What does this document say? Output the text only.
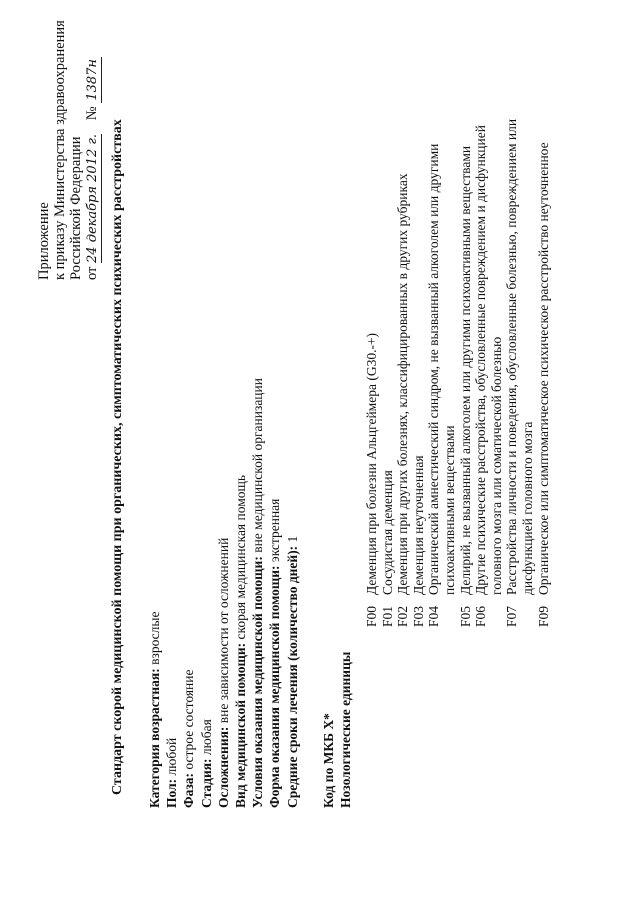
Приложение к приказу Министерства здравоохранения Российской Федерации от 24 декабря 2012 г. № 1387н
Стандарт скорой медицинской помощи при органических, симптоматических психических расстройствах Категория возрастная: взрослые
Пол: любой
Фаза: острое состояние
Стадия: любая Осложнения: вне зависимости от осложнений Вид медицинской помощи: скорая медицинская помощь Условия оказания медицинской помощи: вне медицинской организации
Форма оказания медицинской помощи: экстренная
Средние сроки лечения (количество дней): 1
Код по МКБ X* Нозологические единицы
F00
Деменция при болезни Альцгеймера (G30.-+)
F01
Сосудистая деменция
F02
Деменция при других болезнях, классифицированных в других рубриках
F03
Деменция неуточненная
F04
Органический амнестический синдром, не вызванный алкоголем или другими психоактивными веществами
F05
Делирий, не вызванный алкоголем или другими психоактивными веществами
F06
Другие психические расстройства, обусловленные повреждением и дисфункцией головного мозга или соматической болезнью
F07
Расстройства личности и поведения, обусловленные болезнью, повреждением или дисфункцией головного мозга
F09
Органическое или симптоматическое психическое расстройство неуточненное
